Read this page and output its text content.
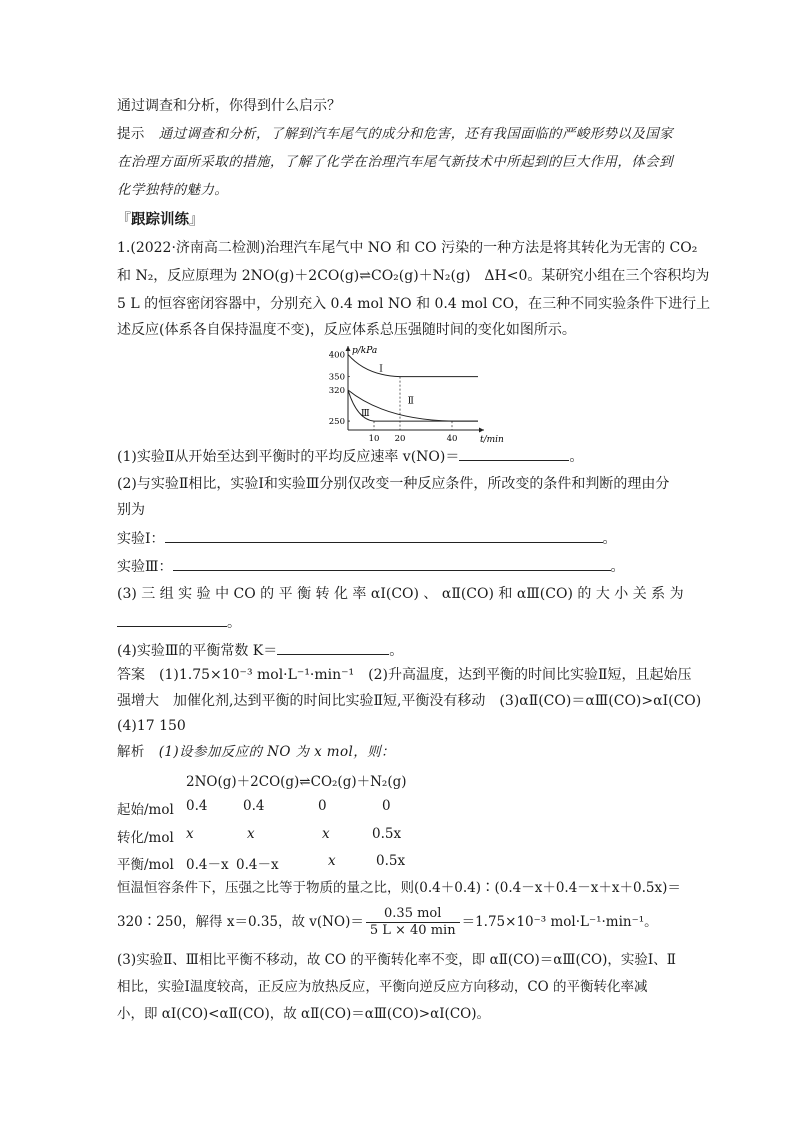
通过调查和分析，你得到什么启示？
提示  通过调查和分析，了解到汽车尾气的成分和危害，还有我国面临的严峻形势以及国家
在治理方面所采取的措施，了解了化学在治理汽车尾气新技术中所起到的巨大作用，体会到
化学独特的魅力。
『跟踪训练』
1.(2022·济南高二检测)治理汽车尾气中 NO 和 CO 污染的一种方法是将其转化为无害的 CO₂
和 N₂，反应原理为 2NO(g)＋2CO(g)⇌CO₂(g)＋N₂(g)　ΔH<0。某研究小组在三个容积均为
5 L 的恒容密闭容器中，分别充入 0.4 mol NO 和 0.4 mol CO，在三种不同实验条件下进行上
述反应(体系各自保持温度不变)，反应体系总压强随时间的变化如图所示。
p/kPa
t/min
400
350
320
250
10 20	40
Ⅰ
Ⅱ
Ⅲ
(1)实验Ⅱ从开始至达到平衡时的平均反应速率 v(NO)＝	。
(2)与实验Ⅱ相比，实验Ⅰ和实验Ⅲ分别仅改变一种反应条件，所改变的条件和判断的理由分
别为
实验Ⅰ：	。
实验Ⅲ：	。
(3) 三 组 实 验 中 CO 的 平 衡 转 化 率 αⅠ(CO) 、 αⅡ(CO) 和 αⅢ(CO) 的 大 小 关 系 为
。
(4)实验Ⅲ的平衡常数 K＝	。
答案  (1)1.75×10⁻³ mol·L⁻¹·min⁻¹　(2)升高温度，达到平衡的时间比实验Ⅱ短，且起始压
强增大　加催化剂,达到平衡的时间比实验Ⅱ短,平衡没有移动　(3)αⅡ(CO)＝αⅢ(CO)>αⅠ(CO)
(4)17 150
解析  (1)设参加反应的 NO 为 x mol，则：
2NO(g)＋2CO(g)⇌CO₂(g)＋N₂(g)
起始/mol 0.4	0.4	0	0
转化/mol x	x	x	0.5x
平衡/mol 0.4－x 0.4－x	x	0.5x
恒温恒容条件下，压强之比等于物质的量之比，则(0.4＋0.4)∶(0.4－x＋0.4－x＋x＋0.5x)＝
320∶250，解得 x＝0.35，故 $v(NO)= \frac{\text{0.35 mol}}{5 L \times 40 \min} =1.75\times 10^{-3}$ mol·L⁻¹·min⁻¹。
(3)实验Ⅱ、Ⅲ相比平衡不移动，故 CO 的平衡转化率不变，即 αⅡ(CO)＝αⅢ(CO)，实验Ⅰ、Ⅱ
相比，实验Ⅰ温度较高，正反应为放热反应，平衡向逆反应方向移动，CO 的平衡转化率减
小，即 αⅠ(CO)<αⅡ(CO)，故 αⅡ(CO)＝αⅢ(CO)>αⅠ(CO)。
